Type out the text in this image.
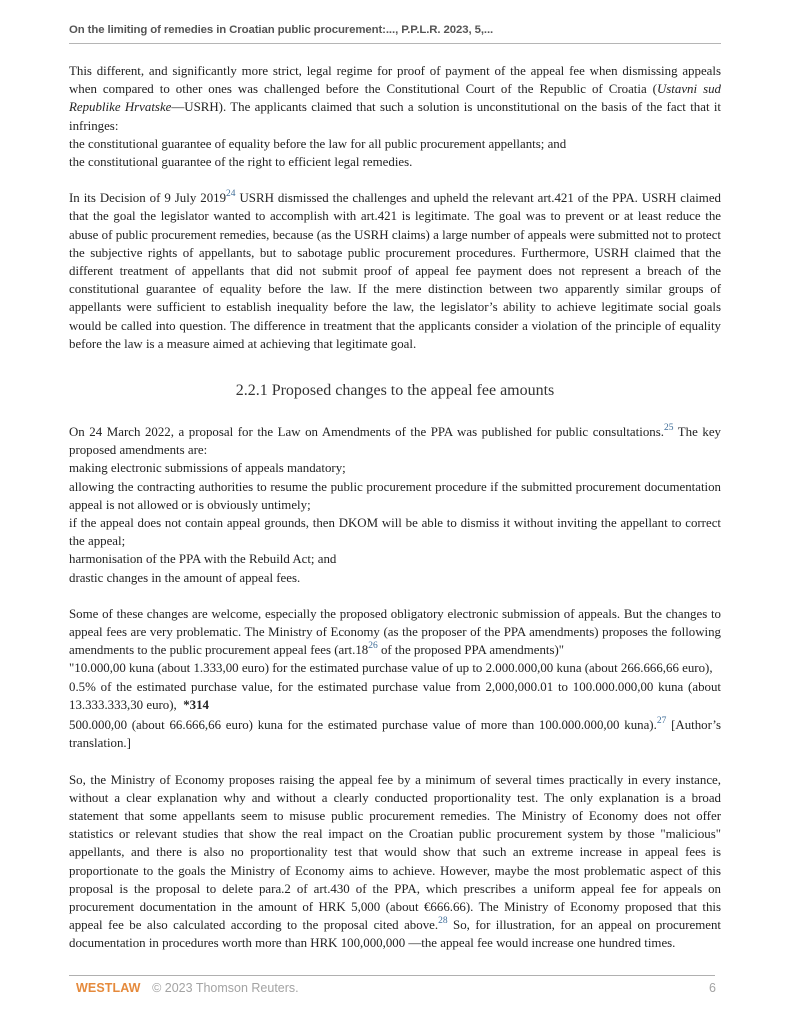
On the limiting of remedies in Croatian public procurement:..., P.P.L.R. 2023, 5,...

This different, and significantly more strict, legal regime for proof of payment of the appeal fee when dismissing appeals when compared to other ones was challenged before the Constitutional Court of the Republic of Croatia (Ustavni sud Republike Hrvatske—USRH). The applicants claimed that such a solution is unconstitutional on the basis of the fact that it infringes:

the constitutional guarantee of equality before the law for all public procurement appellants; and
the constitutional guarantee of the right to efficient legal remedies.

In its Decision of 9 July 2019$^{24}$ USRH dismissed the challenges and upheld the relevant art.421 of the PPA. USRH claimed that the goal the legislator wanted to accomplish with art.421 is legitimate. The goal was to prevent or at least reduce the abuse of public procurement remedies, because (as the USRH claims) a large number of appeals were submitted not to protect the subjective rights of appellants, but to sabotage public procurement procedures. Furthermore, USRH claimed that the different treatment of appellants that did not submit proof of appeal fee payment does not represent a breach of the constitutional guarantee of equality before the law. If the mere distinction between two apparently similar groups of appellants were sufficient to establish inequality before the law, the legislator’s ability to achieve legitimate social goals would be called into question. The difference in treatment that the applicants consider a violation of the principle of equality before the law is a measure aimed at achieving that legitimate goal.

2.2.1 Proposed changes to the appeal fee amounts

On 24 March 2022, a proposal for the Law on Amendments of the PPA was published for public consultations.$^{25}$ The key proposed amendments are:

making electronic submissions of appeals mandatory;

allowing the contracting authorities to resume the public procurement procedure if the submitted procurement documentation appeal is not allowed or is obviously untimely;

if the appeal does not contain appeal grounds, then DKOM will be able to dismiss it without inviting the appellant to correct the appeal;

harmonisation of the PPA with the Rebuild Act; and
drastic changes in the amount of appeal fees.

Some of these changes are welcome, especially the proposed obligatory electronic submission of appeals. But the changes to appeal fees are very problematic. The Ministry of Economy (as the proposer of the PPA amendments) proposes the following amendments to the public procurement appeal fees (art.18$^{26}$ of the proposed PPA amendments)"

"10.000,00 kuna (about 1.333,00 euro) for the estimated purchase value of up to 2.000.000,00 kuna (about 266.666,66 euro),

0.5% of the estimated purchase value, for the estimated purchase value from 2,000,000.01 to 100.000.000,00 kuna (about 13.333.333,30 euro), *314

500.000,00 (about 66.666,66 euro) kuna for the estimated purchase value of more than 100.000.000,00 kuna).$^{27}$ [Author’s translation.]

So, the Ministry of Economy proposes raising the appeal fee by a minimum of several times practically in every instance, without a clear explanation why and without a clearly conducted proportionality test. The only explanation is a broad statement that some appellants seem to misuse public procurement remedies. The Ministry of Economy does not offer statistics or relevant studies that show the real impact on the Croatian public procurement system by those "malicious" appellants, and there is also no proportionality test that would show that such an extreme increase in appeal fees is proportionate to the goals the Ministry of Economy aims to achieve. However, maybe the most problematic aspect of this proposal is the proposal to delete para.2 of art.430 of the PPA, which prescribes a uniform appeal fee for appeals on procurement documentation in the amount of HRK 5,000 (about €666.66). The Ministry of Economy proposed that this appeal fee be also calculated according to the proposal cited above.$^{28}$ So, for illustration, for an appeal on procurement documentation in procedures worth more than HRK 100,000,000 —the appeal fee would increase one hundred times.

WESTLAW © 2023 Thomson Reuters.	6
